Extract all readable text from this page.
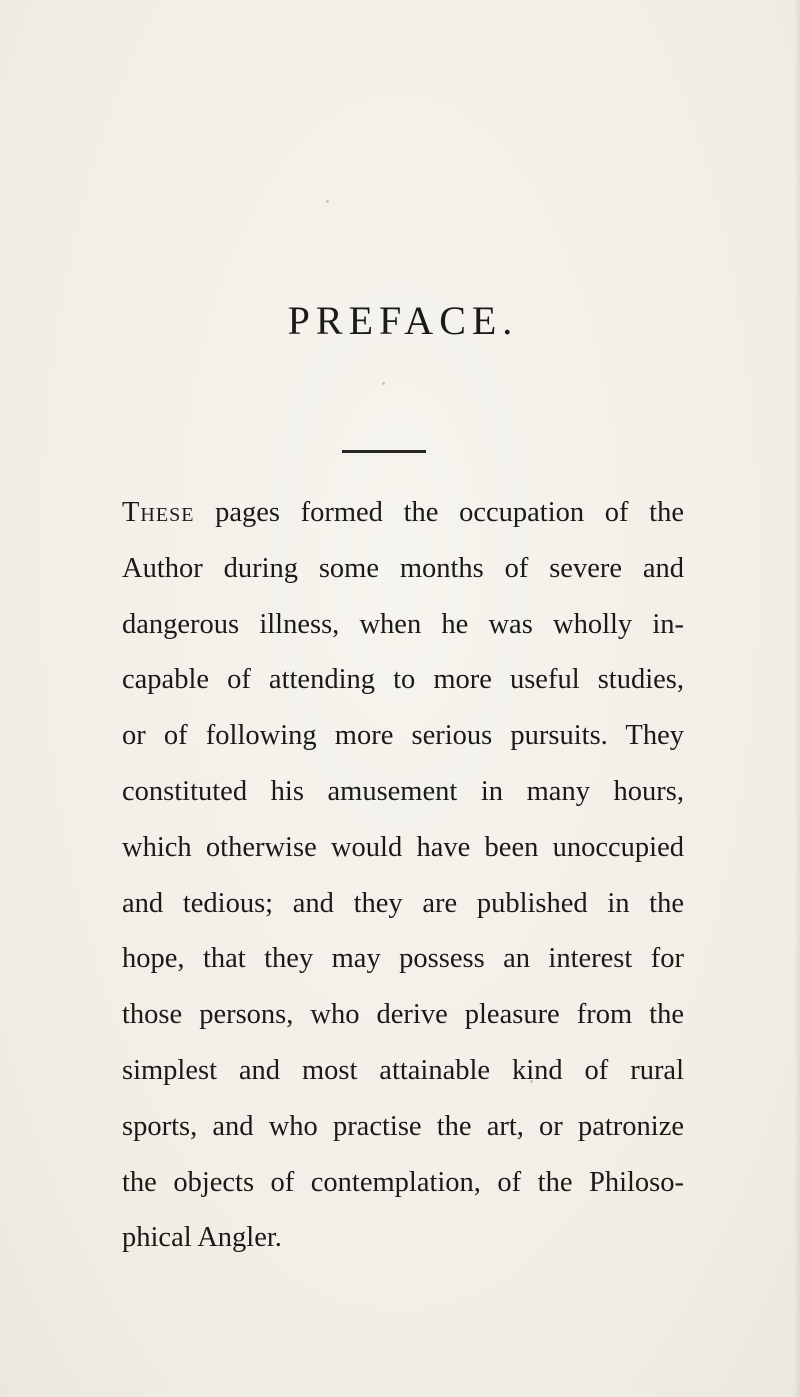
PREFACE.
These pages formed the occupation of the
Author during some months of severe and
dangerous illness, when he was wholly in-
capable of attending to more useful studies,
or of following more serious pursuits. They
constituted his amusement in many hours,
which otherwise would have been unoccupied
and tedious; and they are published in the
hope, that they may possess an interest for
those persons, who derive pleasure from the
simplest and most attainable kind of rural
sports, and who practise the art, or patronize
the objects of contemplation, of the Philoso-
phical Angler.
